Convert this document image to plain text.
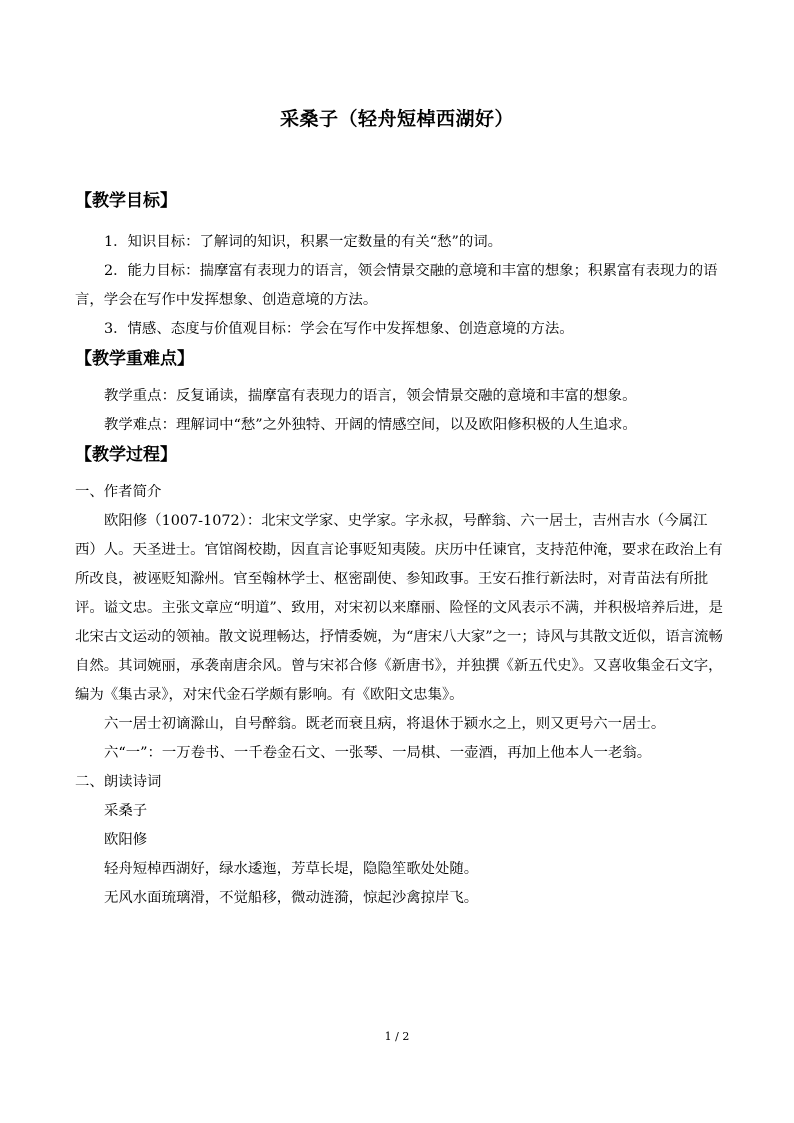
采桑子（轻舟短棹西湖好）
【教学目标】

1．知识目标：了解词的知识，积累一定数量的有关“愁”的词。

2．能力目标：揣摩富有表现力的语言，领会情景交融的意境和丰富的想象；积累富有表现力的语言，学会在写作中发挥想象、创造意境的方法。

3．情感、态度与价值观目标：学会在写作中发挥想象、创造意境的方法。

【教学重难点】

教学重点：反复诵读，揣摩富有表现力的语言，领会情景交融的意境和丰富的想象。

教学难点：理解词中“愁”之外独特、开阔的情感空间，以及欧阳修积极的人生追求。

【教学过程】

一、作者简介

欧阳修（1007-1072）：北宋文学家、史学家。字永叔，号醉翁、六一居士，吉州吉水（今属江西）人。天圣进士。官馆阁校勘，因直言论事贬知夷陵。庆历中任谏官，支持范仲淹，要求在政治上有所改良，被诬贬知滁州。官至翰林学士、枢密副使、参知政事。王安石推行新法时，对青苗法有所批评。谥文忠。主张文章应“明道”、致用，对宋初以来靡丽、险怪的文风表示不满，并积极培养后进，是北宋古文运动的领袖。散文说理畅达，抒情委婉，为“唐宋八大家”之一；诗风与其散文近似，语言流畅自然。其词婉丽，承袭南唐余风。曾与宋祁合修《新唐书》，并独撰《新五代史》。又喜收集金石文字，编为《集古录》，对宋代金石学颇有影响。有《欧阳文忠集》。

六一居士初谪滁山，自号醉翁。既老而衰且病，将退休于颍水之上，则又更号六一居士。

六“一”：一万卷书、一千卷金石文、一张琴、一局棋、一壶酒，再加上他本人一老翁。

二、朗读诗词

采桑子

欧阳修

轻舟短棹西湖好，绿水逶迤，芳草长堤，隐隐笙歌处处随。

无风水面琉璃滑，不觉船移，微动涟漪，惊起沙禽掠岸飞。

1 / 2
